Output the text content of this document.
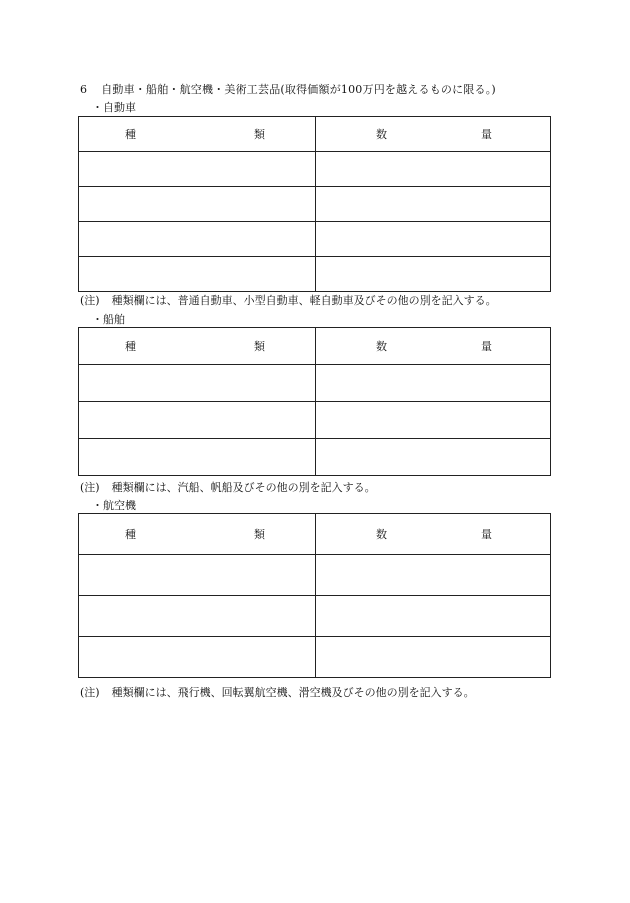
6 自動車・船舶・航空機・美術工芸品(取得価額が100万円を越えるものに限る。)
・自動車
種 類	数 量

(注) 種類欄には、普通自動車、小型自動車、軽自動車及びその他の別を記入する。
・船舶
種 類	数 量

(注) 種類欄には、汽船、帆船及びその他の別を記入する。
・航空機
種 類	数 量

(注) 種類欄には、飛行機、回転翼航空機、滑空機及びその他の別を記入する。
